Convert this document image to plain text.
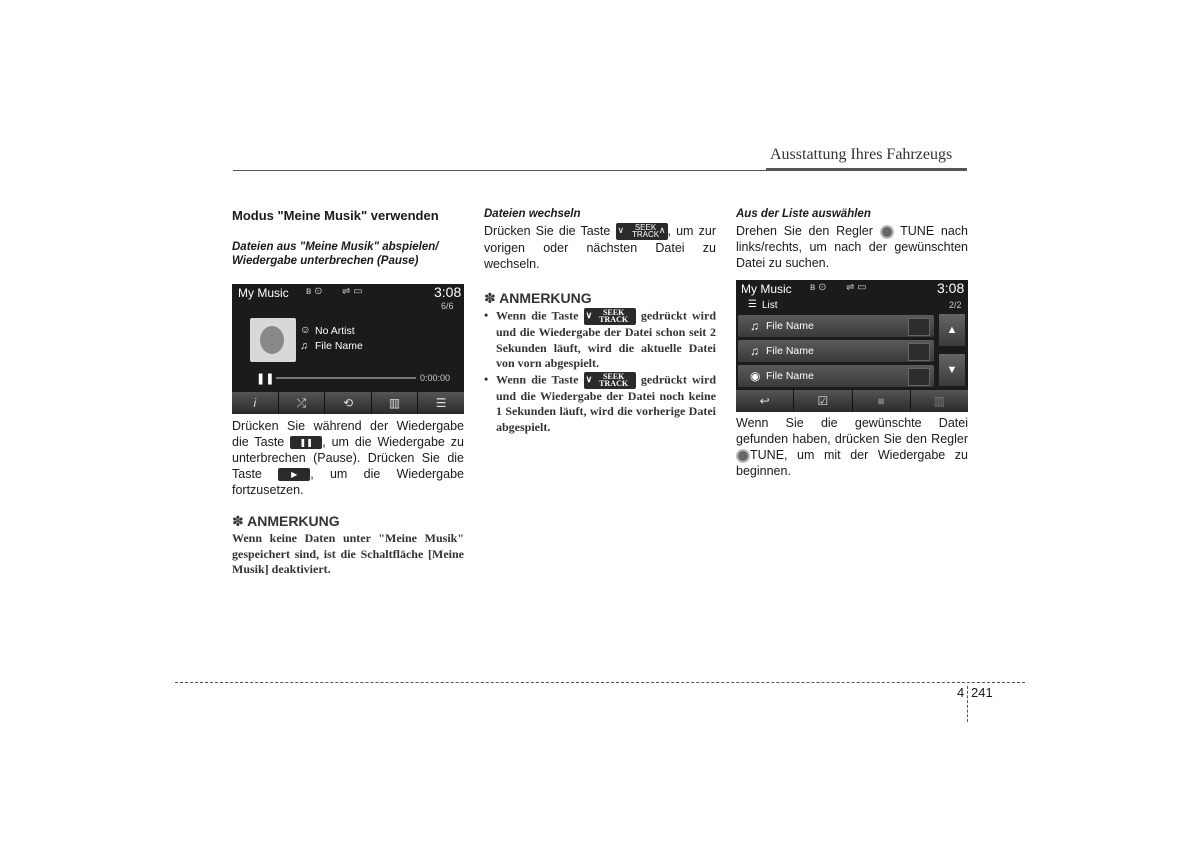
Ausstattung Ihres Fahrzeugs
Modus "Meine Musik" verwenden
Dateien aus "Meine Musik" abspielen/ Wiedergabe unterbrechen (Pause)
My Music ʙ ⊙ ⇌ ▭	3:08
6/6
☺ No Artist
♫ File Name
❚❚	0:00:00
i	⤮	⟲	▥	☰
Drücken Sie während der Wiedergabe die Taste ❚❚ , um die Wiedergabe zu unterbrechen (Pause). Drücken Sie die Taste	▶ , um die Wiedergabe fortzusetzen.
✽ ANMERKUNG
Wenn keine Daten unter "Meine Musik" gespeichert sind, ist die Schaltfläche [Meine Musik] deaktiviert.
Dateien wechseln
Drücken Sie die Taste ∨	SEEK
TRACK ∧ , um zur vorigen oder nächsten Datei zu wechseln.
✽ ANMERKUNG
• Wenn die Taste ∨	SEEK
TRACK gedrückt wird und die Wiedergabe der Datei schon seit 2 Sekunden läuft, wird die aktuelle Datei von vorn abgespielt.
• Wenn die Taste ∨	SEEK
TRACK gedrückt wird und die Wiedergabe der Datei noch keine 1 Sekunden läuft, wird die vorherige Datei abgespielt.
Aus der Liste auswählen
Drehen Sie den Regler TUNE nach links/rechts, um nach der gewünschten Datei zu suchen.
My Music ʙ ⊙ ⇌ ▭	3:08
☰ List	2/2
♫ File Name
♫ File Name
◉ File Name
▲
▼
↩	☑	■	▥
Wenn Sie die gewünschte Datei gefunden haben, drücken Sie den Regler TUNE, um mit der Wiedergabe zu beginnen.
4 241
